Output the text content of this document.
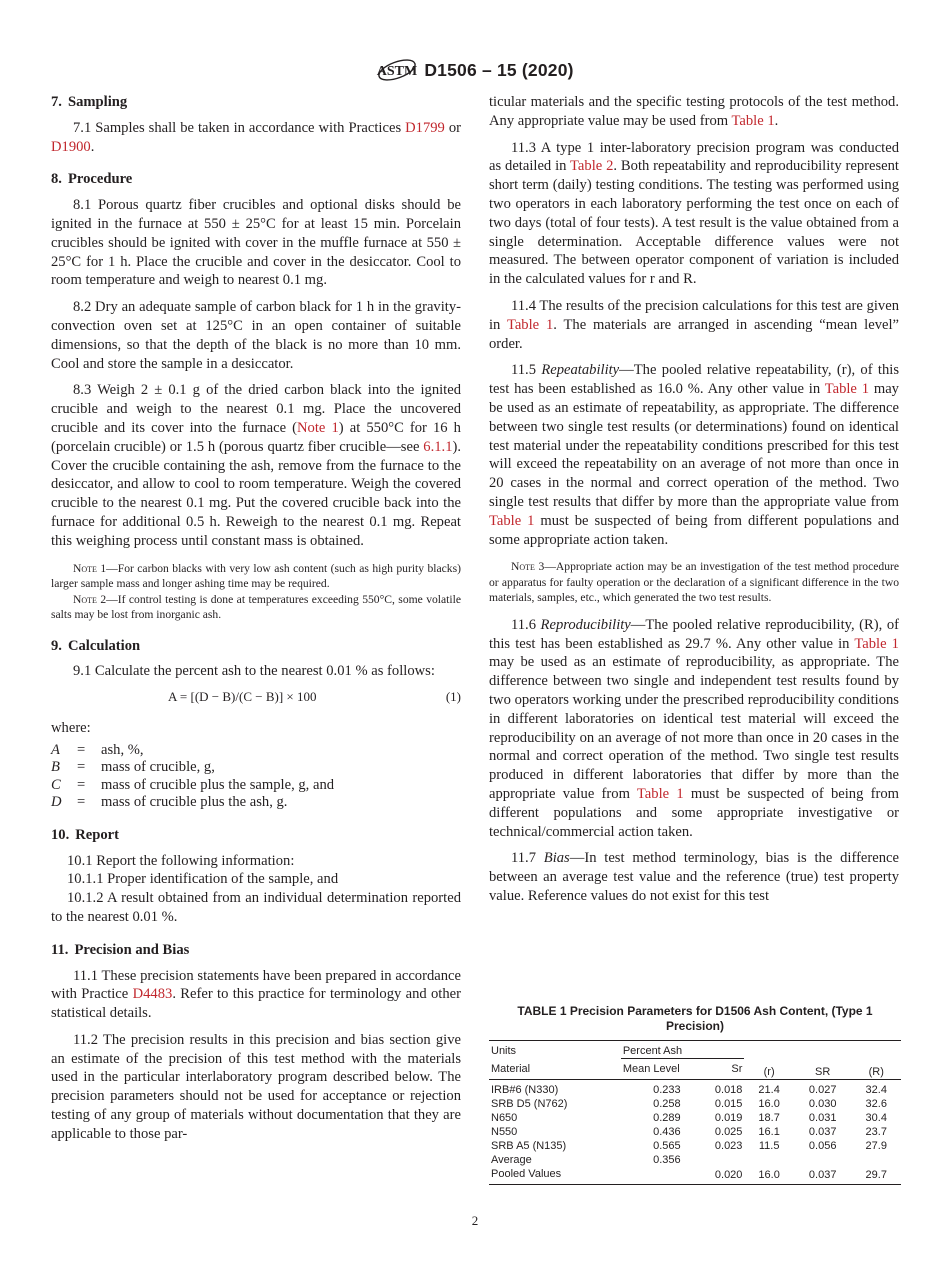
ASTM D1506 – 15 (2020)
7. Sampling

7.1 Samples shall be taken in accordance with Practices D1799 or D1900.

8. Procedure

8.1 Porous quartz fiber crucibles and optional disks should be ignited in the furnace at 550 ± 25°C for at least 15 min. Porcelain crucibles should be ignited with cover in the muffle furnace at 550 ± 25°C for 1 h. Place the crucible and cover in the desiccator. Cool to room temperature and weigh to nearest 0.1 mg.

8.2 Dry an adequate sample of carbon black for 1 h in the gravity-convection oven set at 125°C in an open container of suitable dimensions, so that the depth of the black is no more than 10 mm. Cool and store the sample in a desiccator.

8.3 Weigh 2 ± 0.1 g of the dried carbon black into the ignited crucible and weigh to the nearest 0.1 mg. Place the uncovered crucible and its cover into the furnace (Note 1) at 550°C for 16 h (porcelain crucible) or 1.5 h (porous quartz fiber crucible—see 6.1.1). Cover the crucible containing the ash, remove from the furnace to the desiccator, and allow to cool to room temperature. Weigh the covered crucible to the nearest 0.1 mg. Put the covered crucible back into the furnace for additional 0.5 h. Reweigh to the nearest 0.1 mg. Repeat this weighing process until constant mass is obtained.

Note 1—For carbon blacks with very low ash content (such as high purity blacks) larger sample mass and longer ashing time may be required.

Note 2—If control testing is done at temperatures exceeding 550°C, some volatile salts may be lost from inorganic ash.

9. Calculation

9.1 Calculate the percent ash to the nearest 0.01 % as follows:

A = [(D − B)/(C − B)] × 100	(1)
where:
A	=	ash, %,
B	=	mass of crucible, g,
C	=	mass of crucible plus the sample, g, and
D	=	mass of crucible plus the ash, g.
10. Report

10.1 Report the following information:

10.1.1 Proper identification of the sample, and

10.1.2 A result obtained from an individual determination reported to the nearest 0.01 %.

11. Precision and Bias

11.1 These precision statements have been prepared in accordance with Practice D4483. Refer to this practice for terminology and other statistical details.

11.2 The precision results in this precision and bias section give an estimate of the precision of this test method with the materials used in the particular interlaboratory program described below. The precision parameters should not be used for acceptance or rejection testing of any group of materials without documentation that they are applicable to those par-

ticular materials and the specific testing protocols of the test method. Any appropriate value may be used from Table 1.

11.3 A type 1 inter-laboratory precision program was conducted as detailed in Table 2. Both repeatability and reproducibility represent short term (daily) testing conditions. The testing was performed using two operators in each laboratory performing the test once on each of two days (total of four tests). A test result is the value obtained from a single determination. Acceptable difference values were not measured. The between operator component of variation is included in the calculated values for r and R.

11.4 The results of the precision calculations for this test are given in Table 1. The materials are arranged in ascending “mean level” order.

11.5 Repeatability—The pooled relative repeatability, (r), of this test has been established as 16.0 %. Any other value in Table 1 may be used as an estimate of repeatability, as appropriate. The difference between two single test results (or determinations) found on identical test material under the repeatability conditions prescribed for this test will exceed the repeatability on an average of not more than once in 20 cases in the normal and correct operation of the method. Two single test results that differ by more than the appropriate value from Table 1 must be suspected of being from different populations and some appropriate action taken.

Note 3—Appropriate action may be an investigation of the test method procedure or apparatus for faulty operation or the declaration of a significant difference in the two materials, samples, etc., which generated the two test results.

11.6 Reproducibility—The pooled relative reproducibility, (R), of this test has been established as 29.7 %. Any other value in Table 1 may be used as an estimate of reproducibility, as appropriate. The difference between two single and independent test results found by two operators working under the prescribed reproducibility conditions in different laboratories on identical test material will exceed the reproducibility on an average of not more than once in 20 cases in the normal and correct operation of the method. Two single test results produced in different laboratories that differ by more than the appropriate value from Table 1 must be suspected of being from different populations and some appropriate investigative or technical/commercial action taken.

11.7 Bias—In test method terminology, bias is the difference between an average test value and the reference (true) test property value. Reference values do not exist for this test

TABLE 1 Precision Parameters for D1506 Ash Content, (Type 1 Precision)
Units	Percent Ash				
Material	Mean Level	Sr	(r)	SR	(R)
IRB#6 (N330)	0.233	0.018	21.4	0.027	32.4
SRB D5 (N762)	0.258	0.015	16.0	0.030	32.6
N650	0.289	0.019	18.7	0.031	30.4
N550	0.436	0.025	16.1	0.037	23.7
SRB A5 (N135)	0.565	0.023	11.5	0.056	27.9
Average	0.356				
Pooled Values		0.020	16.0	0.037	29.7
2
